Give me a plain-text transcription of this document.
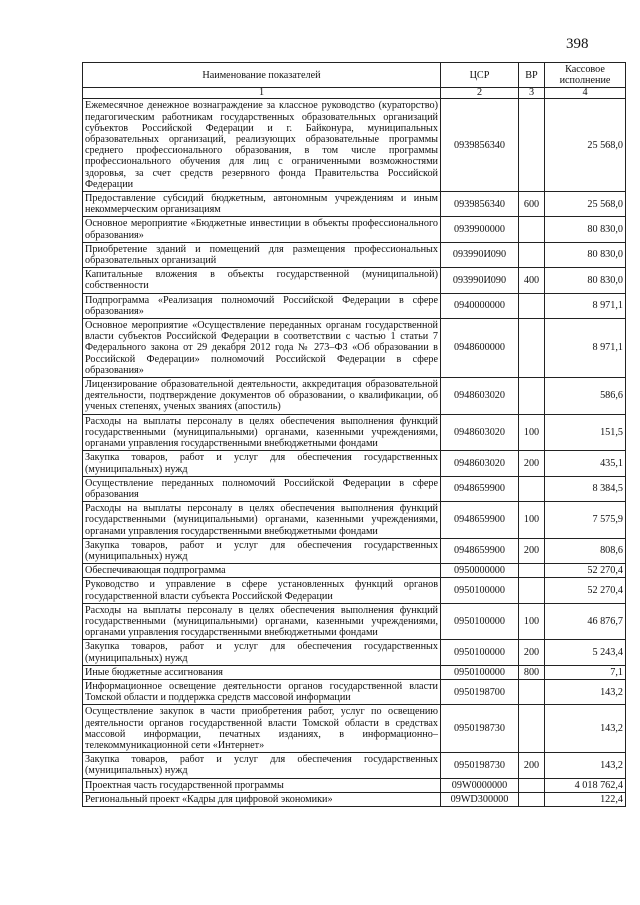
398
Наименование показателей	ЦСР	ВР	Кассовое исполнение
1	2	3	4
Ежемесячное денежное вознаграждение за классное руководство (кураторство) педагогическим работникам государственных образовательных организаций субъектов Российской Федерации и г. Байконура, муниципальных образовательных организаций, реализующих образовательные программы среднего профессионального образования, в том числе программы профессионального обучения для лиц с ограниченными возможностями здоровья, за счет средств резервного фонда Правительства Российской Федерации	0939856340		25 568,0
Предоставление субсидий бюджетным, автономным учреждениям и иным некоммерческим организациям	0939856340	600	25 568,0
Основное мероприятие «Бюджетные инвестиции в объекты профессионального образования»	0939900000		80 830,0
Приобретение зданий и помещений для размещения профессиональных образовательных организаций	093990И090		80 830,0
Капитальные вложения в объекты государственной (муниципальной) собственности	093990И090	400	80 830,0
Подпрограмма «Реализация полномочий Российской Федерации в сфере образования»	0940000000		8 971,1
Основное мероприятие «Осуществление переданных органам государственной власти субъектов Российской Федерации в соответствии с частью 1 статьи 7 Федерального закона от 29 декабря 2012 года № 273–ФЗ «Об образовании в Российской Федерации» полномочий Российской Федерации в сфере образования»	0948600000		8 971,1
Лицензирование образовательной деятельности, аккредитация образовательной деятельности, подтверждение документов об образовании, о квалификации, об ученых степенях, ученых званиях (апостиль)	0948603020		586,6
Расходы на выплаты персоналу в целях обеспечения выполнения функций государственными (муниципальными) органами, казенными учреждениями, органами управления государственными внебюджетными фондами	0948603020	100	151,5
Закупка товаров, работ и услуг для обеспечения государственных (муниципальных) нужд	0948603020	200	435,1
Осуществление переданных полномочий Российской Федерации в сфере образования	0948659900		8 384,5
Расходы на выплаты персоналу в целях обеспечения выполнения функций государственными (муниципальными) органами, казенными учреждениями, органами управления государственными внебюджетными фондами	0948659900	100	7 575,9
Закупка товаров, работ и услуг для обеспечения государственных (муниципальных) нужд	0948659900	200	808,6
Обеспечивающая подпрограмма	0950000000		52 270,4
Руководство и управление в сфере установленных функций органов государственной власти субъекта Российской Федерации	0950100000		52 270,4
Расходы на выплаты персоналу в целях обеспечения выполнения функций государственными (муниципальными) органами, казенными учреждениями, органами управления государственными внебюджетными фондами	0950100000	100	46 876,7
Закупка товаров, работ и услуг для обеспечения государственных (муниципальных) нужд	0950100000	200	5 243,4
Иные бюджетные ассигнования	0950100000	800	7,1
Информационное освещение деятельности органов государственной власти Томской области и поддержка средств массовой информации	0950198700		143,2
Осуществление закупок в части приобретения работ, услуг по освещению деятельности органов государственной власти Томской области в средствах массовой информации, печатных изданиях, в информационно–телекоммуникационной сети «Интернет»	0950198730		143,2
Закупка товаров, работ и услуг для обеспечения государственных (муниципальных) нужд	0950198730	200	143,2
Проектная часть государственной программы	09W0000000		4 018 762,4
Региональный проект «Кадры для цифровой экономики»	09WD300000		122,4
